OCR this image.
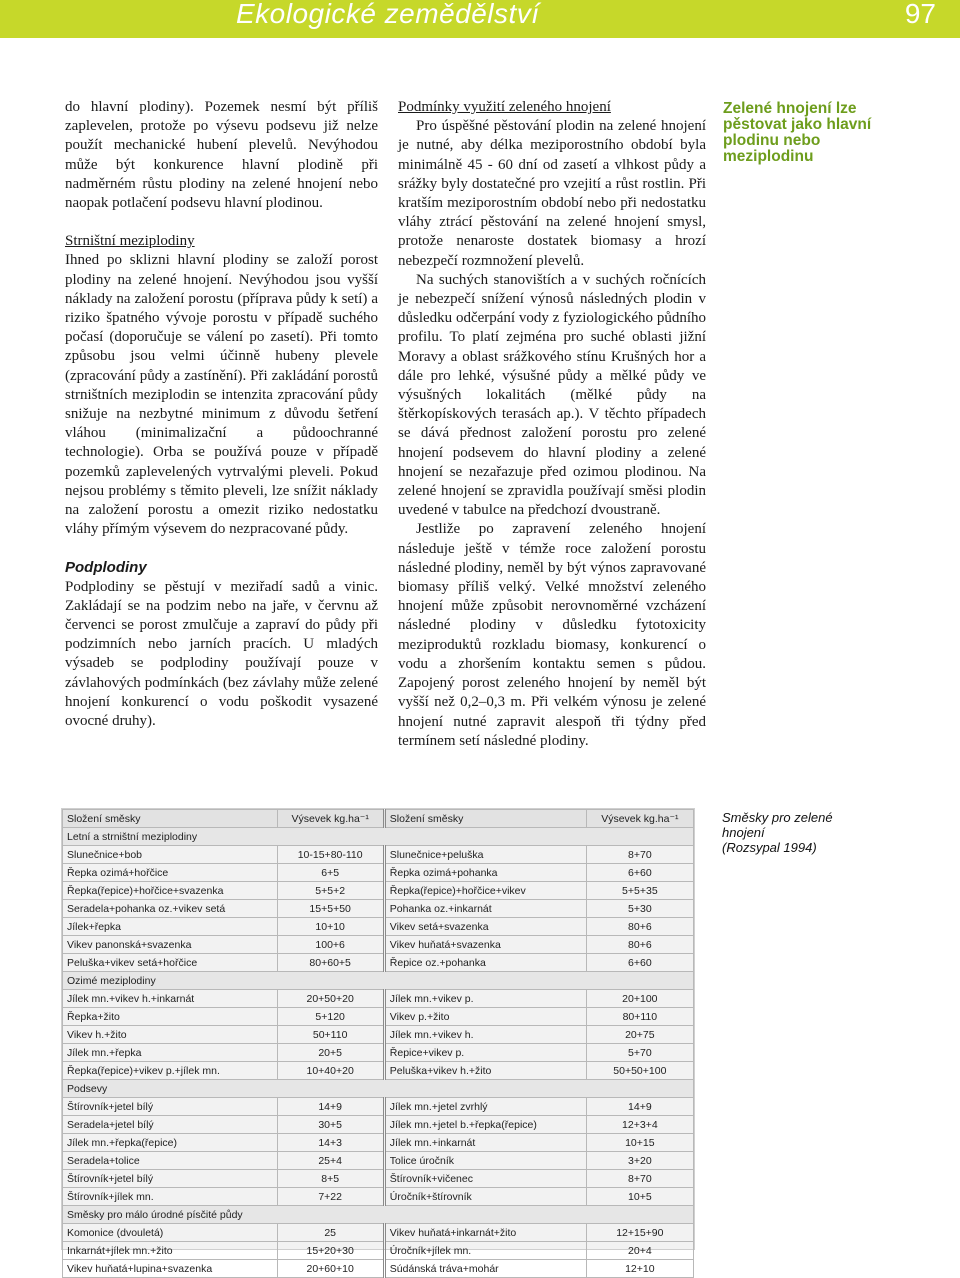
Ekologické zemědělství	97

do hlavní plodiny). Pozemek nesmí být příliš zaplevelen, protože po výsevu podsevu již nelze použít mechanické hubení plevelů. Nevýhodou může být konkurence hlavní plodině při nadměrném růstu plodiny na zelené hnojení nebo naopak potlačení podsevu hlavní plodinou.

Strništní meziplodiny

Ihned po sklizni hlavní plodiny se založí porost plodiny na zelené hnojení. Nevýhodou jsou vyšší náklady na založení porostu (příprava půdy k setí) a riziko špatného vývoje porostu v případě suchého počasí (doporučuje se válení po zasetí). Při tomto způsobu jsou velmi účinně hubeny plevele (zpracování půdy a zastínění). Při zakládání porostů strništních meziplodin se intenzita zpracování půdy snižuje na nezbytné minimum z důvodu šetření vláhou (minimalizační a půdoochranné technologie). Orba se používá pouze v případě pozemků zaplevelených vytrvalými pleveli. Pokud nejsou problémy s těmito pleveli, lze snížit náklady na založení porostu a omezit riziko nedostatku vláhy přímým výsevem do nezpracované půdy.

Podplodiny

Podplodiny se pěstují v meziřadí sadů a vinic. Zakládají se na podzim nebo na jaře, v červnu až červenci se porost zmulčuje a zapraví do půdy při podzimních nebo jarních pracích. U mladých výsadeb se podplodiny používají pouze v závlahových podmínkách (bez závlahy může zelené hnojení konkurencí o vodu poškodit vysazené ovocné druhy).

Podmínky využití zeleného hnojení

Pro úspěšné pěstování plodin na zelené hnojení je nutné, aby délka meziporostního období byla minimálně 45 - 60 dní od zasetí a vlhkost půdy a srážky byly dostatečné pro vzejití a růst rostlin. Při kratším meziporostním období nebo při nedostatku vláhy ztrácí pěstování na zelené hnojení smysl, protože nenaroste dostatek biomasy a hrozí nebezpečí rozmnožení plevelů.

Na suchých stanovištích a v suchých ročnících je nebezpečí snížení výnosů následných plodin v důsledku odčerpání vody z fyziologického půdního profilu. To platí zejména pro suché oblasti jižní Moravy a oblast srážkového stínu Krušných hor a dále pro lehké, výsušné půdy a mělké půdy ve výsušných lokalitách (mělké půdy na štěrkopískových terasách ap.). V těchto případech se dává přednost založení porostu pro zelené hnojení podsevem do hlavní plodiny a zelené hnojení se nezařazuje před ozimou plodinou. Na zelené hnojení se zpravidla používají směsi plodin uvedené v tabulce na předchozí dvoustraně.

Jestliže po zapravení zeleného hnojení následuje ještě v témže roce založení porostu následné plodiny, neměl by být výnos zapravované biomasy příliš velký. Velké množství zeleného hnojení může způsobit nerovnoměrné vzcházení následné plodiny v důsledku fytotoxicity meziproduktů rozkladu biomasy, konkurencí o vodu a zhoršením kontaktu semen s půdou. Zapojený porost zeleného hnojení by neměl být vyšší než 0,2–0,3 m. Při velkém výnosu je zelené hnojení nutné zapravit alespoň tři týdny před termínem setí následné plodiny.

Zelené hnojení lze pěstovat jako hlavní plodinu nebo meziplodinu
Složení směsky	Výsevek kg.ha⁻¹	Složení směsky	Výsevek kg.ha⁻¹
Letní a strništní meziplodiny			
Slunečnice+bob	10-15+80-110	Slunečnice+peluška	8+70
Řepka ozimá+hořčice	6+5	Řepka ozimá+pohanka	6+60
Řepka(řepice)+hořčice+svazenka	5+5+2	Řepka(řepice)+hořčice+vikev	5+5+35
Seradela+pohanka oz.+vikev setá	15+5+50	Pohanka oz.+inkarnát	5+30
Jílek+řepka	10+10	Vikev setá+svazenka	80+6
Vikev panonská+svazenka	100+6	Vikev huňatá+svazenka	80+6
Peluška+vikev setá+hořčice	80+60+5	Řepice oz.+pohanka	6+60
Ozimé meziplodiny			
Jílek mn.+vikev h.+inkarnát	20+50+20	Jílek mn.+vikev p.	20+100
Řepka+žito	5+120	Vikev p.+žito	80+110
Vikev h.+žito	50+110	Jílek mn.+vikev h.	20+75
Jílek mn.+řepka	20+5	Řepice+vikev p.	5+70
Řepka(řepice)+vikev p.+jílek mn.	10+40+20	Peluška+vikev h.+žito	50+50+100
Podsevy			
Štírovník+jetel bílý	14+9	Jílek mn.+jetel zvrhlý	14+9
Seradela+jetel bílý	30+5	Jílek mn.+jetel b.+řepka(řepice)	12+3+4
Jílek mn.+řepka(řepice)	14+3	Jílek mn.+inkarnát	10+15
Seradela+tolice	25+4	Tolice úročník	3+20
Štírovník+jetel bílý	8+5	Štírovník+vičenec	8+70
Štírovník+jílek mn.	7+22	Úročník+štírovník	10+5
Směsky pro málo úrodné písčité půdy			
Komonice (dvouletá)	25	Vikev huňatá+inkarnát+žito	12+15+90
Inkarnát+jílek mn.+žito	15+20+30	Úročník+jílek mn.	20+4
Vikev huňatá+lupina+svazenka	20+60+10	Súdánská tráva+mohár	12+10
Směsky pro zelené hnojení
(Rozsypal 1994)
